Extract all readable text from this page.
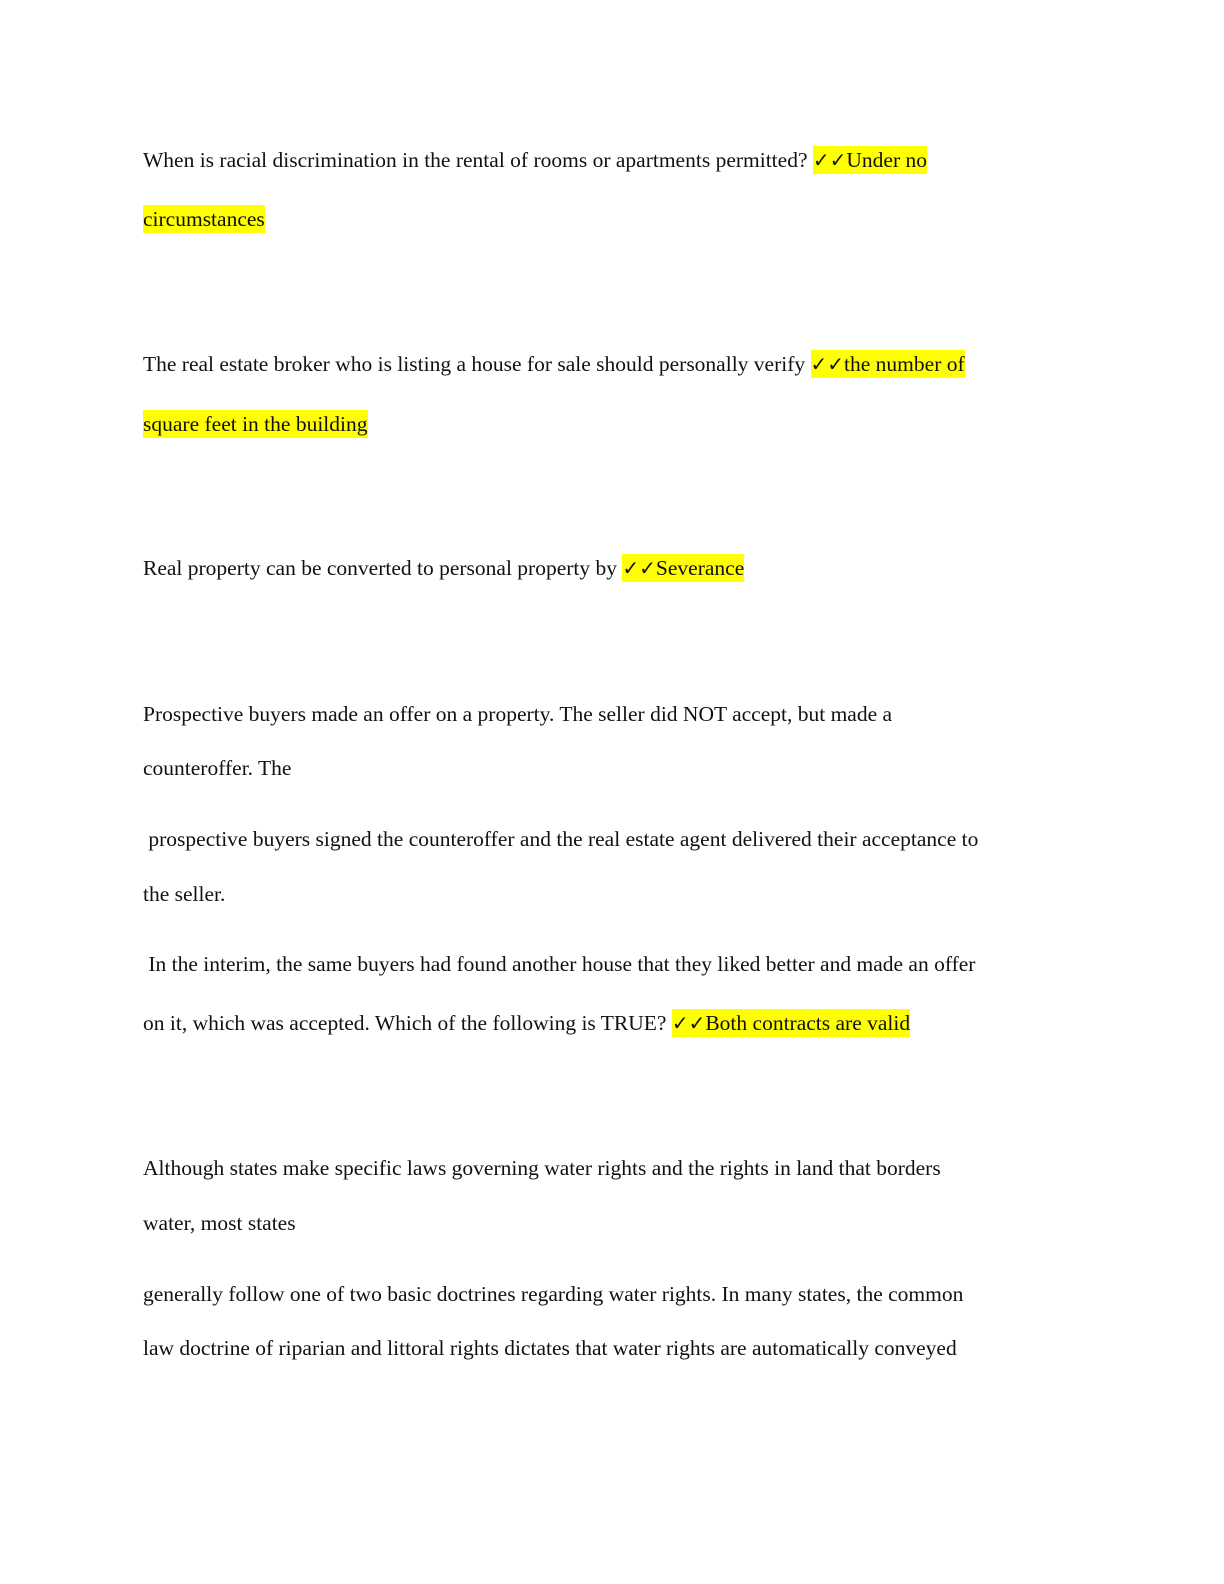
When is racial discrimination in the rental of rooms or apartments permitted? ✓✓Under no
circumstances
The real estate broker who is listing a house for sale should personally verify ✓✓the number of
square feet in the building
Real property can be converted to personal property by ✓✓Severance
Prospective buyers made an offer on a property. The seller did NOT accept, but made a
counteroffer. The
prospective buyers signed the counteroffer and the real estate agent delivered their acceptance to
the seller.
In the interim, the same buyers had found another house that they liked better and made an offer
on it, which was accepted. Which of the following is TRUE? ✓✓Both contracts are valid
Although states make specific laws governing water rights and the rights in land that borders
water, most states
generally follow one of two basic doctrines regarding water rights. In many states, the common
law doctrine of riparian and littoral rights dictates that water rights are automatically conveyed
